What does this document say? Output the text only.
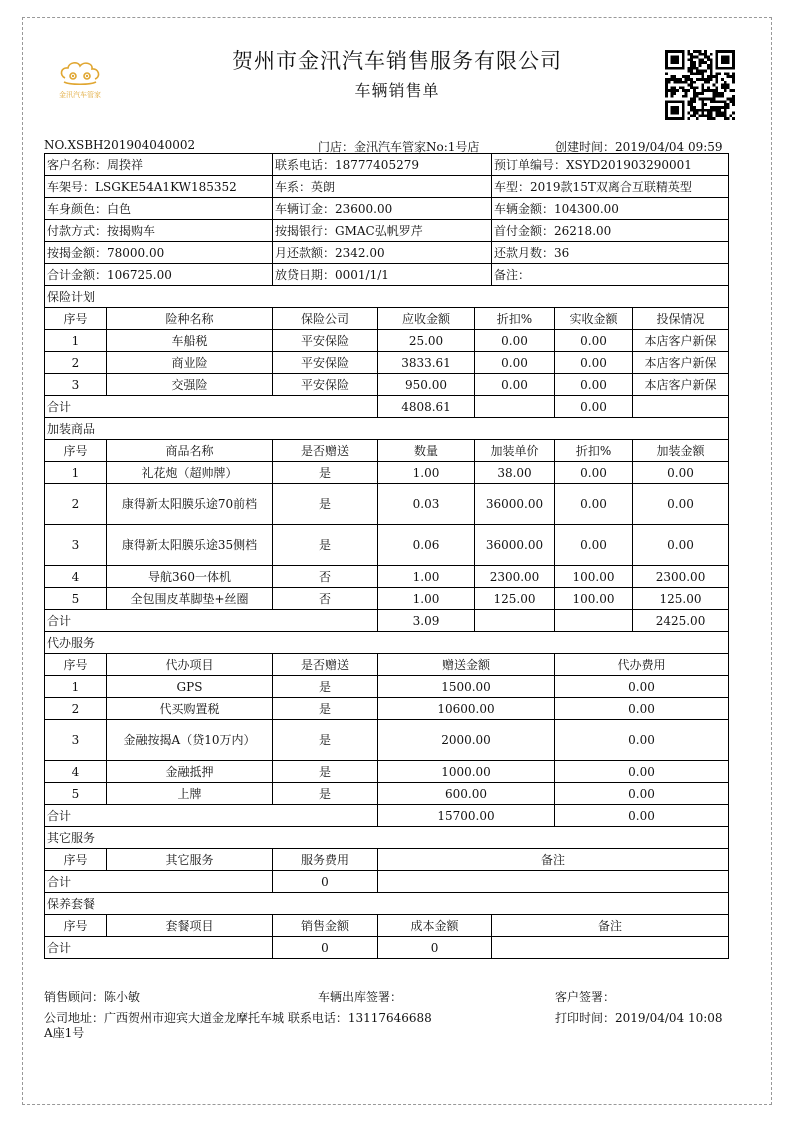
金汛汽车管家
贺州市金汛汽车销售服务有限公司
车辆销售单
NO.XSBH201904040002	门店：金汛汽车管家No:1号店	创建时间：2019/04/04 09:59
客户名称：周揆祥		联系电话：18777405279			预订单编号：XSYD201903290001		
车架号：LSGKE54A1KW185352		车系：英朗			车型：2019款15T双离合互联精英型		
车身颜色：白色		车辆订金：23600.00			车辆金额：104300.00		
付款方式：按揭购车		按揭银行：GMAC弘帆罗芹			首付金额：26218.00		
按揭金额：78000.00		月还款额：2342.00			还款月数：36		
合计金额：106725.00		放贷日期：0001/1/1			备注：		
保险计划							
序号	险种名称	保险公司	应收金额	折扣%		实收金额	投保情况
1	车船税	平安保险	25.00	0.00		0.00	本店客户新保
2	商业险	平安保险	3833.61	0.00		0.00	本店客户新保
3	交强险	平安保险	950.00	0.00		0.00	本店客户新保
合计			4808.61			0.00	
加装商品							
序号	商品名称	是否赠送	数量	加装单价		折扣%	加装金额
1	礼花炮（超帅牌）	是	1.00	38.00		0.00	0.00
2	康得新太阳膜乐途70前档	是	0.03	36000.00		0.00	0.00
3	康得新太阳膜乐途35侧档	是	0.06	36000.00		0.00	0.00
4	导航360一体机	否	1.00	2300.00		100.00	2300.00
5	全包围皮革脚垫+丝圈	否	1.00	125.00		100.00	125.00
合计			3.09				2425.00
代办服务							
序号	代办项目	是否赠送	赠送金额			代办费用	
1	GPS	是	1500.00			0.00	
2	代买购置税	是	10600.00			0.00	
3	金融按揭A（贷10万内）	是	2000.00			0.00	
4	金融抵押	是	1000.00			0.00	
5	上牌	是	600.00			0.00	
合计			15700.00			0.00	
其它服务							
序号	其它服务	服务费用	备注				
合计		0					
保养套餐							
序号	套餐项目	销售金额	成本金额		备注		
合计		0	0				
销售顾问：陈小敏	车辆出库签署：	客户签署：
公司地址：广西贺州市迎宾大道金龙摩托车城 联系电话：13117646688
A座1号
打印时间：2019/04/04 10:08
